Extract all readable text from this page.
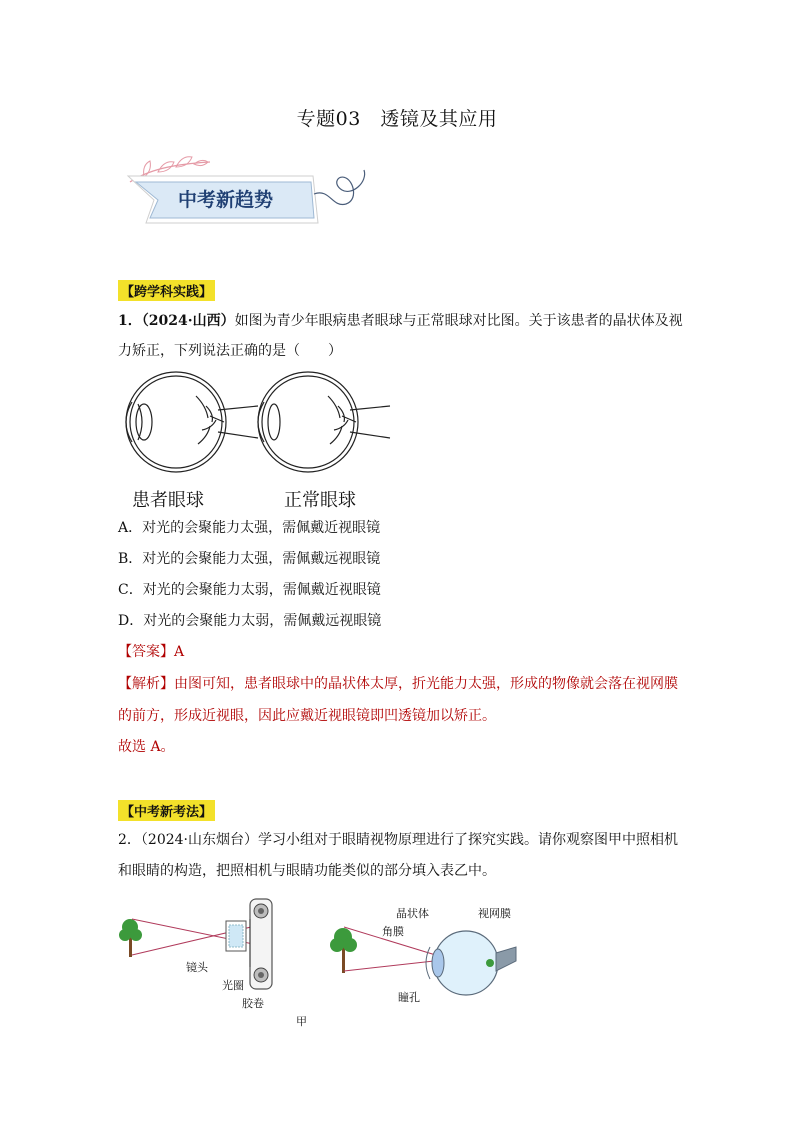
专题03　透镜及其应用
中考新趋势
【跨学科实践】
1．（2024·山西）如图为青少年眼病患者眼球与正常眼球对比图。关于该患者的晶状体及视
力矫正，下列说法正确的是（　　）
患者眼球	正常眼球
A．对光的会聚能力太强，需佩戴近视眼镜
B．对光的会聚能力太强，需佩戴远视眼镜
C．对光的会聚能力太弱，需佩戴近视眼镜
D．对光的会聚能力太弱，需佩戴远视眼镜
【答案】A
【解析】由图可知，患者眼球中的晶状体太厚，折光能力太强，形成的物像就会落在视网膜
的前方，形成近视眼，因此应戴近视眼镜即凹透镜加以矫正。
故选 A。
【中考新考法】
2．（2024·山东烟台）学习小组对于眼睛视物原理进行了探究实践。请你观察图甲中照相机
和眼睛的构造，把照相机与眼睛功能类似的部分填入表乙中。
镜头
光圈
胶卷
晶状体	视网膜
角膜
瞳孔
甲
